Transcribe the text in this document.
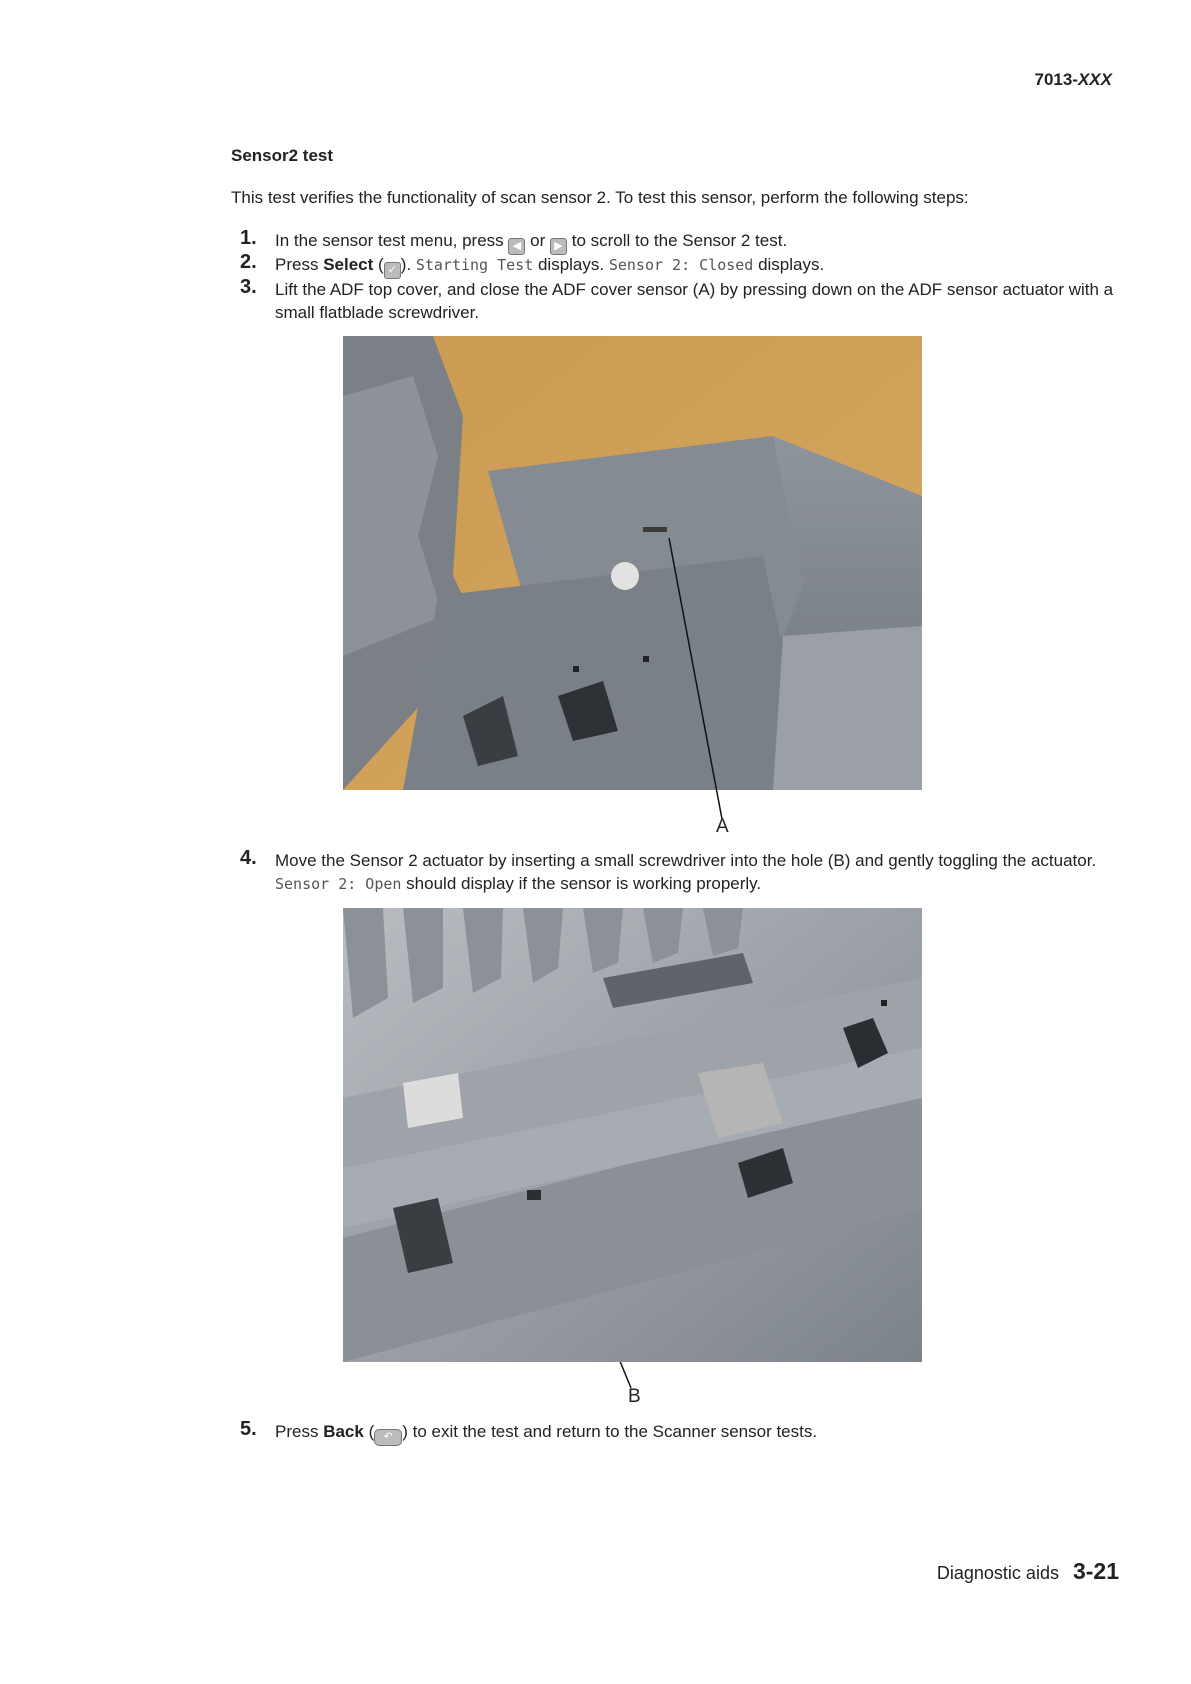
7013-XXX
Sensor2 test
This test verifies the functionality of scan sensor 2. To test this sensor, perform the following steps:
1. In the sensor test menu, press ◀ or ▶ to scroll to the Sensor 2 test.
2. Press Select ( ✓ ). Starting Test displays. Sensor 2: Closed displays.
3. Lift the ADF top cover, and close the ADF cover sensor (A) by pressing down on the ADF sensor actuator with a small flatblade screwdriver.
A
4. Move the Sensor 2 actuator by inserting a small screwdriver into the hole (B) and gently toggling the actuator. Sensor 2: Open should display if the sensor is working properly.
B
5. Press Back ( ↶ ) to exit the test and return to the Scanner sensor tests.
Diagnostic aids 3-21
